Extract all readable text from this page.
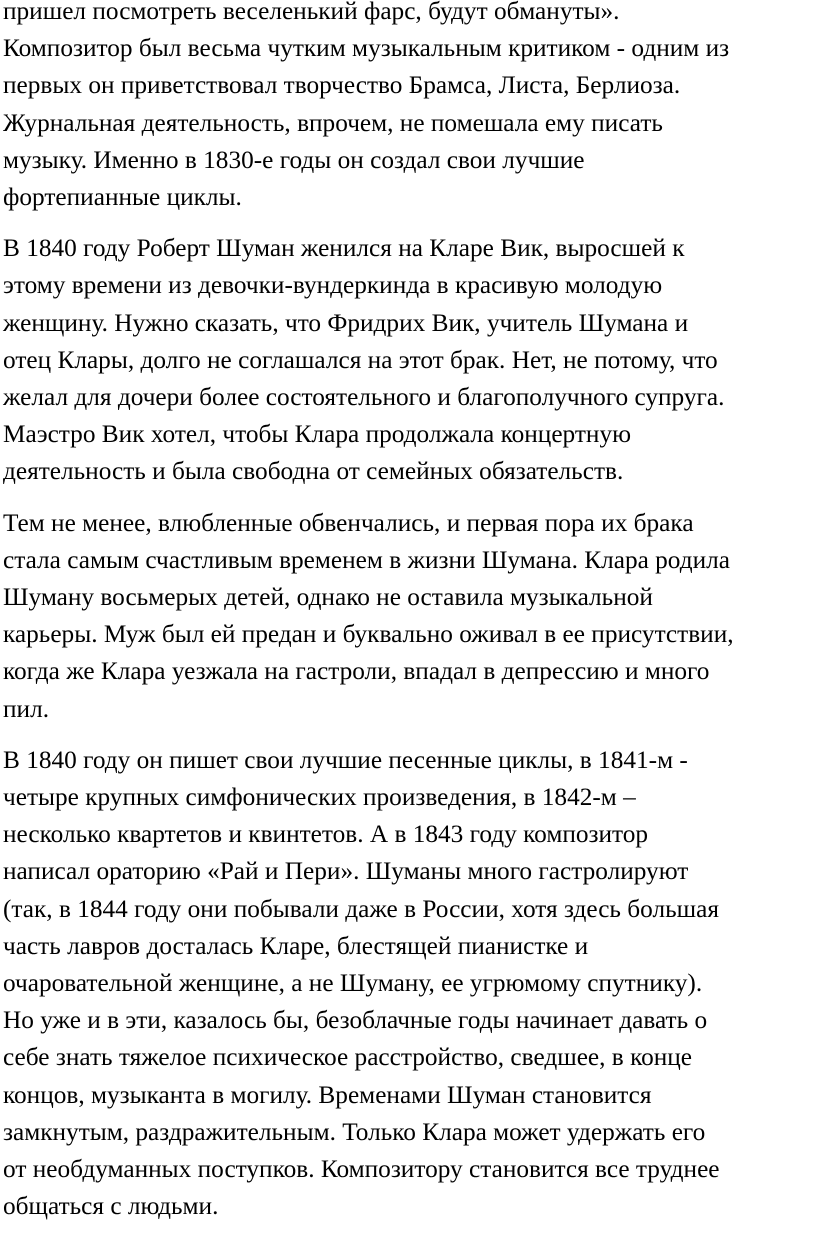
пришел посмотреть веселенький фарс, будут обмануты».
Композитор был весьма чутким музыкальным критиком - одним из
первых он приветствовал творчество Брамса, Листа, Берлиоза.
Журнальная деятельность, впрочем, не помешала ему писать
музыку. Именно в 1830-е годы он создал свои лучшие
фортепианные циклы.

В 1840 году Роберт Шуман женился на Кларе Вик, выросшей к
этому времени из девочки-вундеркинда в красивую молодую
женщину. Нужно сказать, что Фридрих Вик, учитель Шумана и
отец Клары, долго не соглашался на этот брак. Нет, не потому, что
желал для дочери более состоятельного и благополучного супруга.
Маэстро Вик хотел, чтобы Клара продолжала концертную
деятельность и была свободна от семейных обязательств.

Тем не менее, влюбленные обвенчались, и первая пора их брака
стала самым счастливым временем в жизни Шумана. Клара родила
Шуману восьмерых детей, однако не оставила музыкальной
карьеры. Муж был ей предан и буквально оживал в ее присутствии,
когда же Клара уезжала на гастроли, впадал в депрессию и много
пил.

В 1840 году он пишет свои лучшие песенные циклы, в 1841-м -
четыре крупных симфонических произведения, в 1842-м –
несколько квартетов и квинтетов. А в 1843 году композитор
написал ораторию «Рай и Пери». Шуманы много гастролируют
(так, в 1844 году они побывали даже в России, хотя здесь большая
часть лавров досталась Кларе, блестящей пианистке и
очаровательной женщине, а не Шуману, ее угрюмому спутнику).
Но уже и в эти, казалось бы, безоблачные годы начинает давать о
себе знать тяжелое психическое расстройство, сведшее, в конце
концов, музыканта в могилу. Временами Шуман становится
замкнутым, раздражительным. Только Клара может удержать его
от необдуманных поступков. Композитору становится все труднее
общаться с людьми.
